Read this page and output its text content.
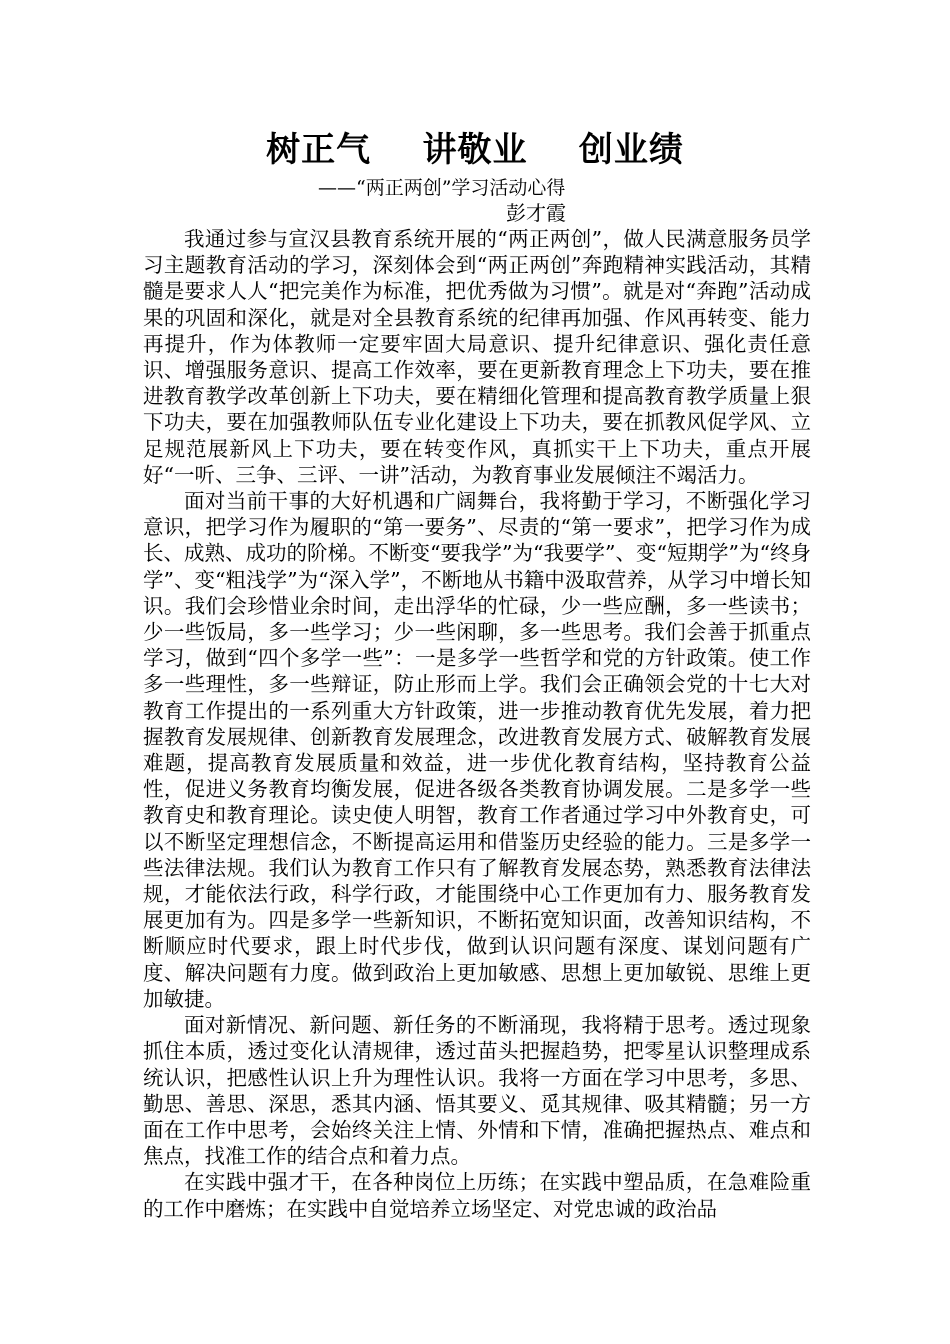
树正气    讲敬业    创业绩
——“两正两创”学习活动心得
彭才霞

我通过参与宣汉县教育系统开展的“两正两创”，做人民满意服务员学习主题教育活动的学习，深刻体会到“两正两创”奔跑精神实践活动，其精髓是要求人人“把完美作为标准，把优秀做为习惯”。就是对“奔跑”活动成果的巩固和深化，就是对全县教育系统的纪律再加强、作风再转变、能力再提升，作为体教师一定要牢固大局意识、提升纪律意识、强化责任意识、增强服务意识、提高工作效率，要在更新教育理念上下功夫，要在推进教育教学改革创新上下功夫，要在精细化管理和提高教育教学质量上狠下功夫，要在加强教师队伍专业化建设上下功夫，要在抓教风促学风、立足规范展新风上下功夫，要在转变作风，真抓实干上下功夫，重点开展好“一听、三争、三评、一讲”活动，为教育事业发展倾注不竭活力。

面对当前干事的大好机遇和广阔舞台，我将勤于学习，不断强化学习意识，把学习作为履职的“第一要务”、尽责的“第一要求”，把学习作为成长、成熟、成功的阶梯。不断变“要我学”为“我要学”、变“短期学”为“终身学”、变“粗浅学”为“深入学”，不断地从书籍中汲取营养，从学习中增长知识。我们会珍惜业余时间，走出浮华的忙碌，少一些应酬，多一些读书；少一些饭局，多一些学习；少一些闲聊，多一些思考。我们会善于抓重点学习，做到“四个多学一些”：一是多学一些哲学和党的方针政策。使工作多一些理性，多一些辩证，防止形而上学。我们会正确领会党的十七大对教育工作提出的一系列重大方针政策，进一步推动教育优先发展，着力把握教育发展规律、创新教育发展理念，改进教育发展方式、破解教育发展难题，提高教育发展质量和效益，进一步优化教育结构，坚持教育公益性，促进义务教育均衡发展，促进各级各类教育协调发展。二是多学一些教育史和教育理论。读史使人明智，教育工作者通过学习中外教育史，可以不断坚定理想信念，不断提高运用和借鉴历史经验的能力。三是多学一些法律法规。我们认为教育工作只有了解教育发展态势，熟悉教育法律法规，才能依法行政，科学行政，才能围绕中心工作更加有力、服务教育发展更加有为。四是多学一些新知识，不断拓宽知识面，改善知识结构，不断顺应时代要求，跟上时代步伐，做到认识问题有深度、谋划问题有广度、解决问题有力度。做到政治上更加敏感、思想上更加敏锐、思维上更加敏捷。

面对新情况、新问题、新任务的不断涌现，我将精于思考。透过现象抓住本质，透过变化认清规律，透过苗头把握趋势，把零星认识整理成系统认识，把感性认识上升为理性认识。我将一方面在学习中思考，多思、勤思、善思、深思，悉其内涵、悟其要义、觅其规律、吸其精髓；另一方面在工作中思考，会始终关注上情、外情和下情，准确把握热点、难点和焦点，找准工作的结合点和着力点。

在实践中强才干，在各种岗位上历练；在实践中塑品质，在急难险重的工作中磨炼；在实践中自觉培养立场坚定、对党忠诚的政治品
